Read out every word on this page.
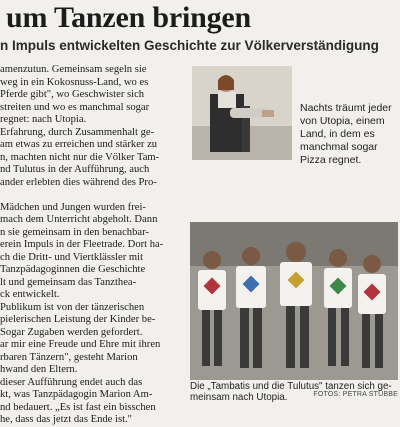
um Tanzen bringen
n Impuls entwickelten Geschichte zur Völkerverständigung
amenzutun. Gemeinsam segeln sie
weg in ein Kokosnuss-Land, wo es
Pferde gibt", wo Geschwister sich
streiten und wo es manchmal sogar
regnet: nach Utopia.
Erfahrung, durch Zusammenhalt ge-
am etwas zu erreichen und stärker zu
n, machten nicht nur die Völker Tam-
nd Tulutus in der Aufführung, auch
ander erlebten dies während des Pro-
Mädchen und Jungen wurden frei-
mach dem Unterricht abgeholt. Dann
n sie gemeinsam in den benachbar-
erein Impuls in der Fleetrade. Dort ha-
ch die Dritt- und Viertklässler mit
Tanzpädagoginnen die Geschichte
lt und gemeinsam das Tanzthea-
ck entwickelt.
Publikum ist von der tänzerischen
pielerischen Leistung der Kinder be-
Sogar Zugaben werden gefordert.
ar mir eine Freude und Ehre mit ihren
rbaren Tänzern", gesteht Marion
hwand den Eltern.
dieser Aufführung endet auch das
kt, was Tanzpädagogin Marion Am-
nd bedauert. „Es ist fast ein bisschen
he, dass das jetzt das Ende ist."
Nachts träumt jeder
von Utopia, einem
Land, in dem es
manchmal sogar
Pizza regnet.
Die „Tambatis und die Tulutus" tanzen sich ge-
meinsam nach Utopia.	FOTOS: PETRA STUBBE
